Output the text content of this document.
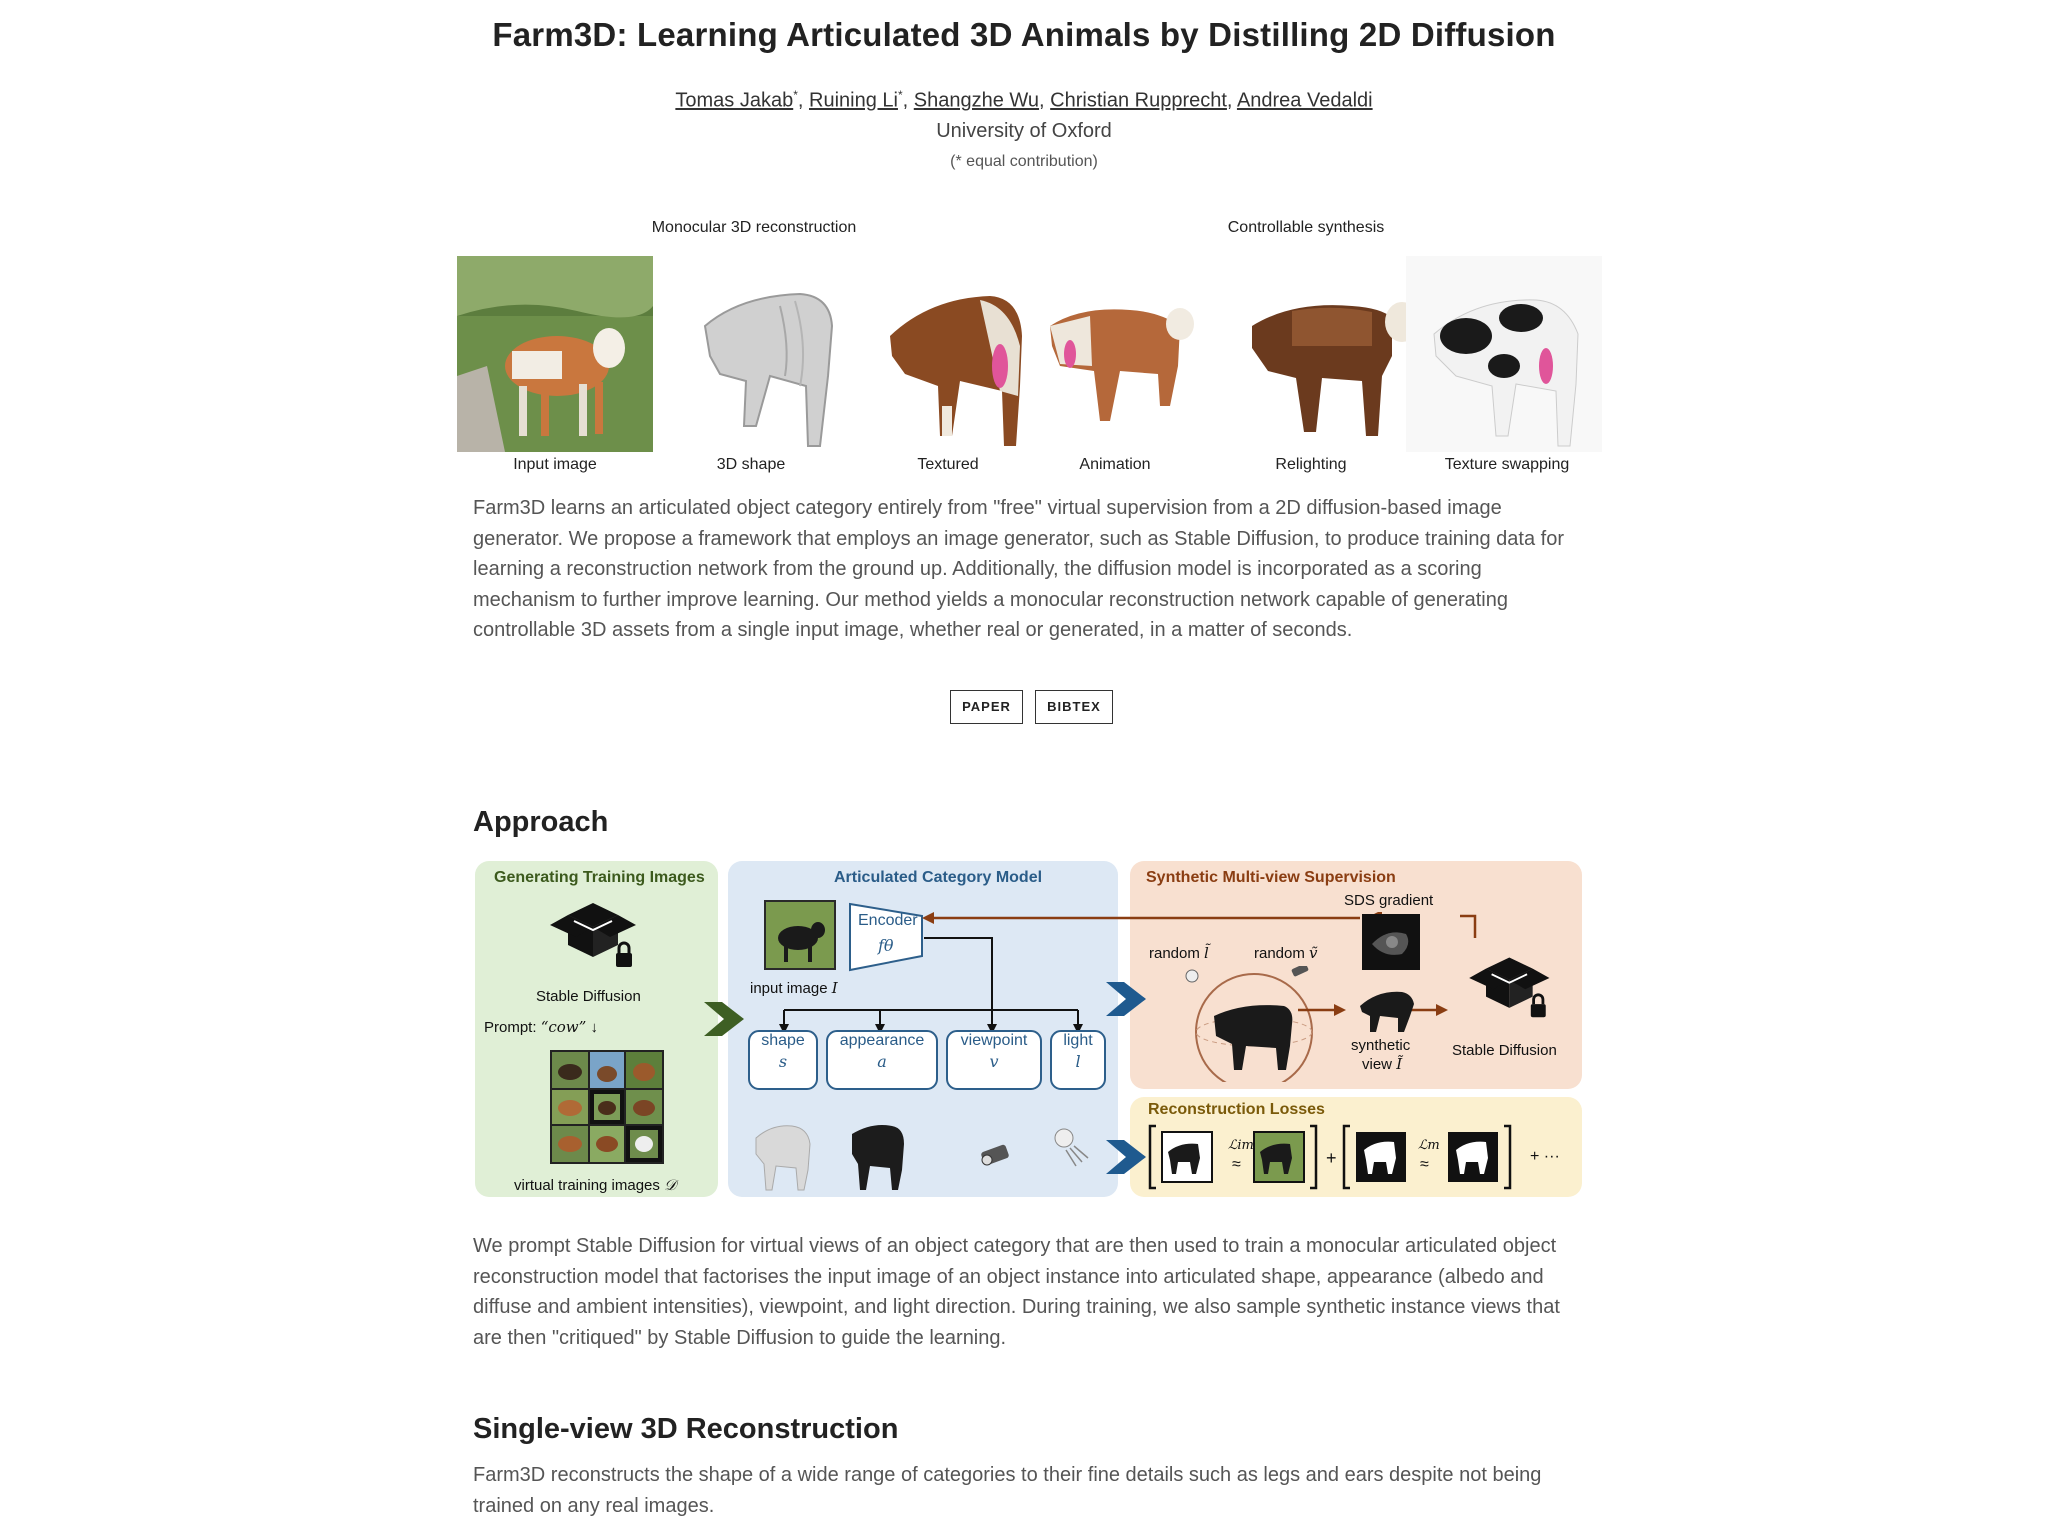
Farm3D: Learning Articulated 3D Animals by Distilling 2D Diffusion
Tomas Jakab*, Ruining Li*, Shangzhe Wu, Christian Rupprecht, Andrea Vedaldi
University of Oxford
(* equal contribution)
Monocular 3D reconstruction	Controllable synthesis
Input image	3D shape	Textured	Animation	Relighting	Texture swapping
Farm3D learns an articulated object category entirely from "free" virtual supervision from a 2D diffusion-based image generator. We propose a framework that employs an image generator, such as Stable Diffusion, to produce training data for learning a reconstruction network from the ground up. Additionally, the diffusion model is incorporated as a scoring mechanism to further improve learning. Our method yields a monocular reconstruction network capable of generating controllable 3D assets from a single input image, whether real or generated, in a matter of seconds.
PAPER	BIBTEX
Approach
Generating Training Images
Stable Diffusion
Prompt: “cow” ↓
virtual training images 𝒟
Articulated Category Model
input image I
Encoder
fθ
shape
s
appearance
a
viewpoint
v
light
l
Synthetic Multi-view Supervision
SDS gradient
random l̃	random ṽ
synthetic
view Ĩ
Stable Diffusion
Reconstruction Losses
ℒim
≈	+
ℒm
≈	+ ···
We prompt Stable Diffusion for virtual views of an object category that are then used to train a monocular articulated object reconstruction model that factorises the input image of an object instance into articulated shape, appearance (albedo and diffuse and ambient intensities), viewpoint, and light direction. During training, we also sample synthetic instance views that are then "critiqued" by Stable Diffusion to guide the learning.
Single-view 3D Reconstruction
Farm3D reconstructs the shape of a wide range of categories to their fine details such as legs and ears despite not being trained on any real images.
